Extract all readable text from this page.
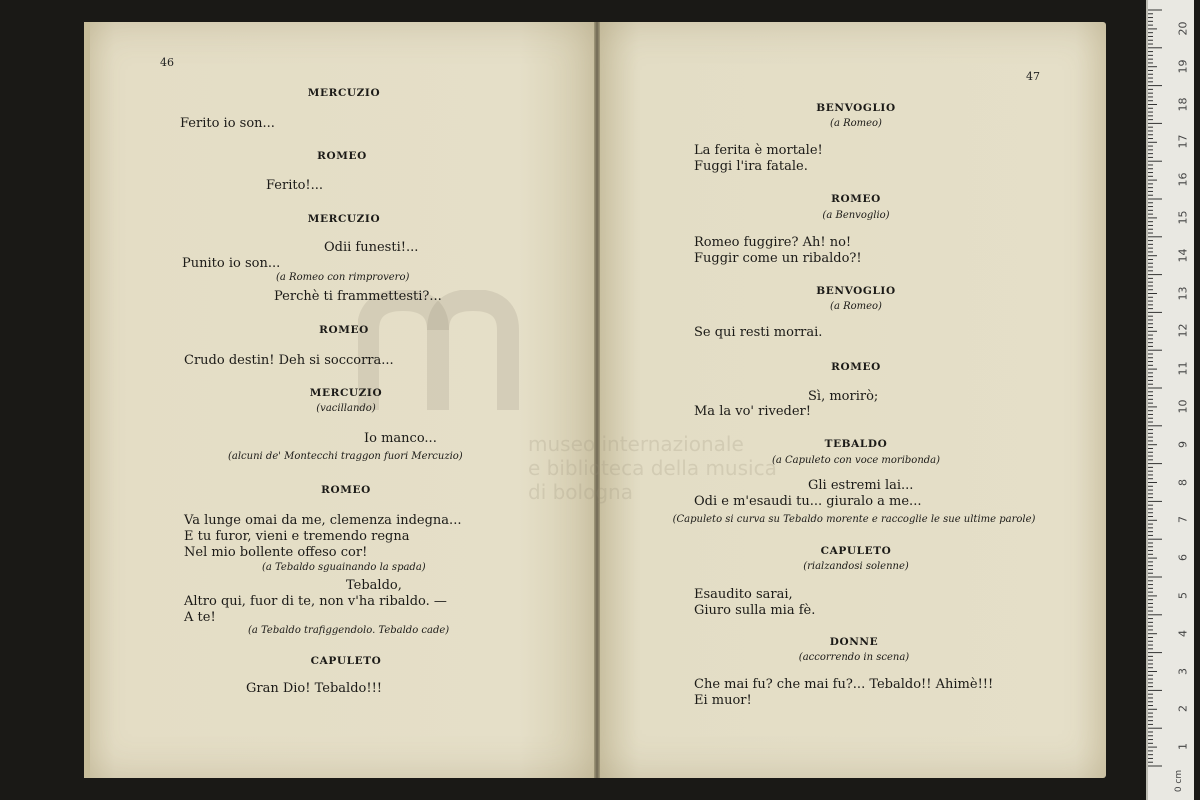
museo internazionale
e biblioteca della musica
di bologna
46
MERCUZIO
Ferito io son...
ROMEO
Ferito!...
MERCUZIO
Odii funesti!...
Punito io son...
(a Romeo con rimprovero)
Perchè ti frammettesti?...
ROMEO
Crudo destin! Deh si soccorra...
MERCUZIO
(vacillando)
Io manco...
(alcuni de' Montecchi traggon fuori Mercuzio)
ROMEO
Va lunge omai da me, clemenza indegna...
E tu furor, vieni e tremendo regna
Nel mio bollente offeso cor!
(a Tebaldo sguainando la spada)
Tebaldo,
Altro qui, fuor di te, non v'ha ribaldo. —
A te!
(a Tebaldo trafiggendolo. Tebaldo cade)
CAPULETO
Gran Dio! Tebaldo!!!
47
BENVOGLIO
(a Romeo)
La ferita è mortale!
Fuggi l'ira fatale.
ROMEO
(a Benvoglio)
Romeo fuggire? Ah! no!
Fuggir come un ribaldo?!
BENVOGLIO
(a Romeo)
Se qui resti morrai.
ROMEO
Sì, morirò;
Ma la vo' riveder!
TEBALDO
(a Capuleto con voce moribonda)
Gli estremi lai...
Odi e m'esaudi tu... giuralo a me...
(Capuleto si curva su Tebaldo morente e raccoglie le sue ultime parole)
CAPULETO
(rialzandosi solenne)
Esaudito sarai,
Giuro sulla mia fè.
DONNE
(accorrendo in scena)
Che mai fu? che mai fu?... Tebaldo!! Ahimè!!!
Ei muor!
20
19
18
17
16
15
14
13
12
11
10
9
8
7
6
5
4
3
2
1
0 cm
